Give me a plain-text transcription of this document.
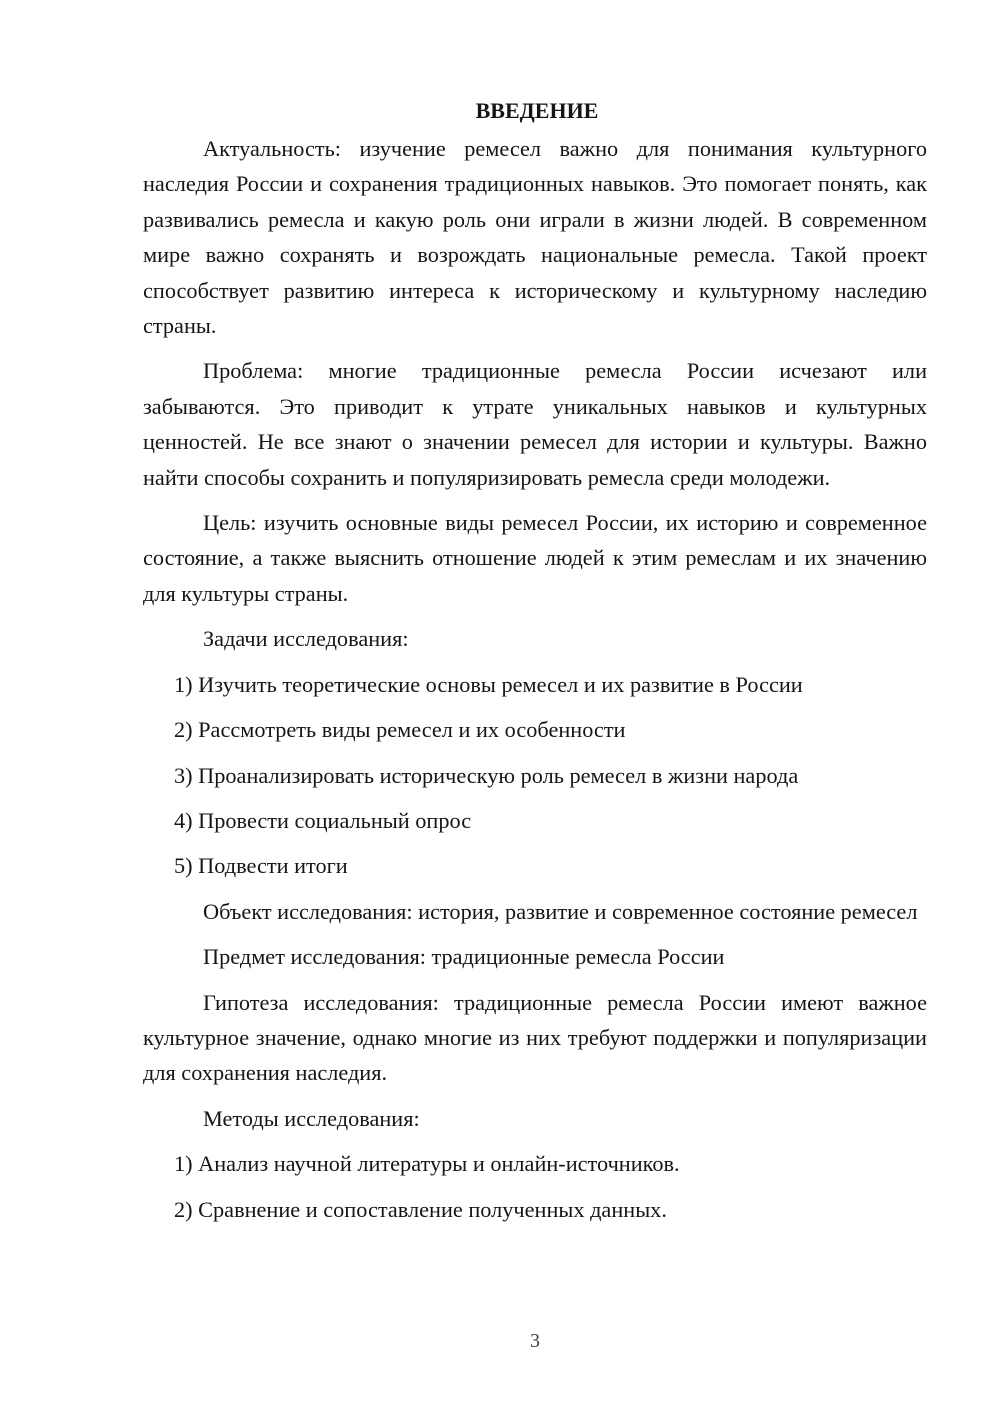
ВВЕДЕНИЕ

Актуальность: изучение ремесел важно для понимания культурного наследия России и сохранения традиционных навыков. Это помогает понять, как развивались ремесла и какую роль они играли в жизни людей. В современном мире важно сохранять и возрождать национальные ремесла. Такой проект способствует развитию интереса к историческому и культурному наследию страны.

Проблема: многие традиционные ремесла России исчезают или забываются. Это приводит к утрате уникальных навыков и культурных ценностей. Не все знают о значении ремесел для истории и культуры. Важно найти способы сохранить и популяризировать ремесла среди молодежи.

Цель: изучить основные виды ремесел России, их историю и современное состояние, а также выяснить отношение людей к этим ремеслам и их значению для культуры страны.

Задачи исследования:
1) Изучить теоретические основы ремесел и их развитие в России
2) Рассмотреть виды ремесел и их особенности
3) Проанализировать историческую роль ремесел в жизни народа
4) Провести социальный опрос
5) Подвести итоги

Объект исследования: история, развитие и современное состояние ремесел

Предмет исследования: традиционные ремесла России

Гипотеза исследования: традиционные ремесла России имеют важное культурное значение, однако многие из них требуют поддержки и популяризации для сохранения наследия.

Методы исследования:
1) Анализ научной литературы и онлайн-источников.
2) Сравнение и сопоставление полученных данных.
3
